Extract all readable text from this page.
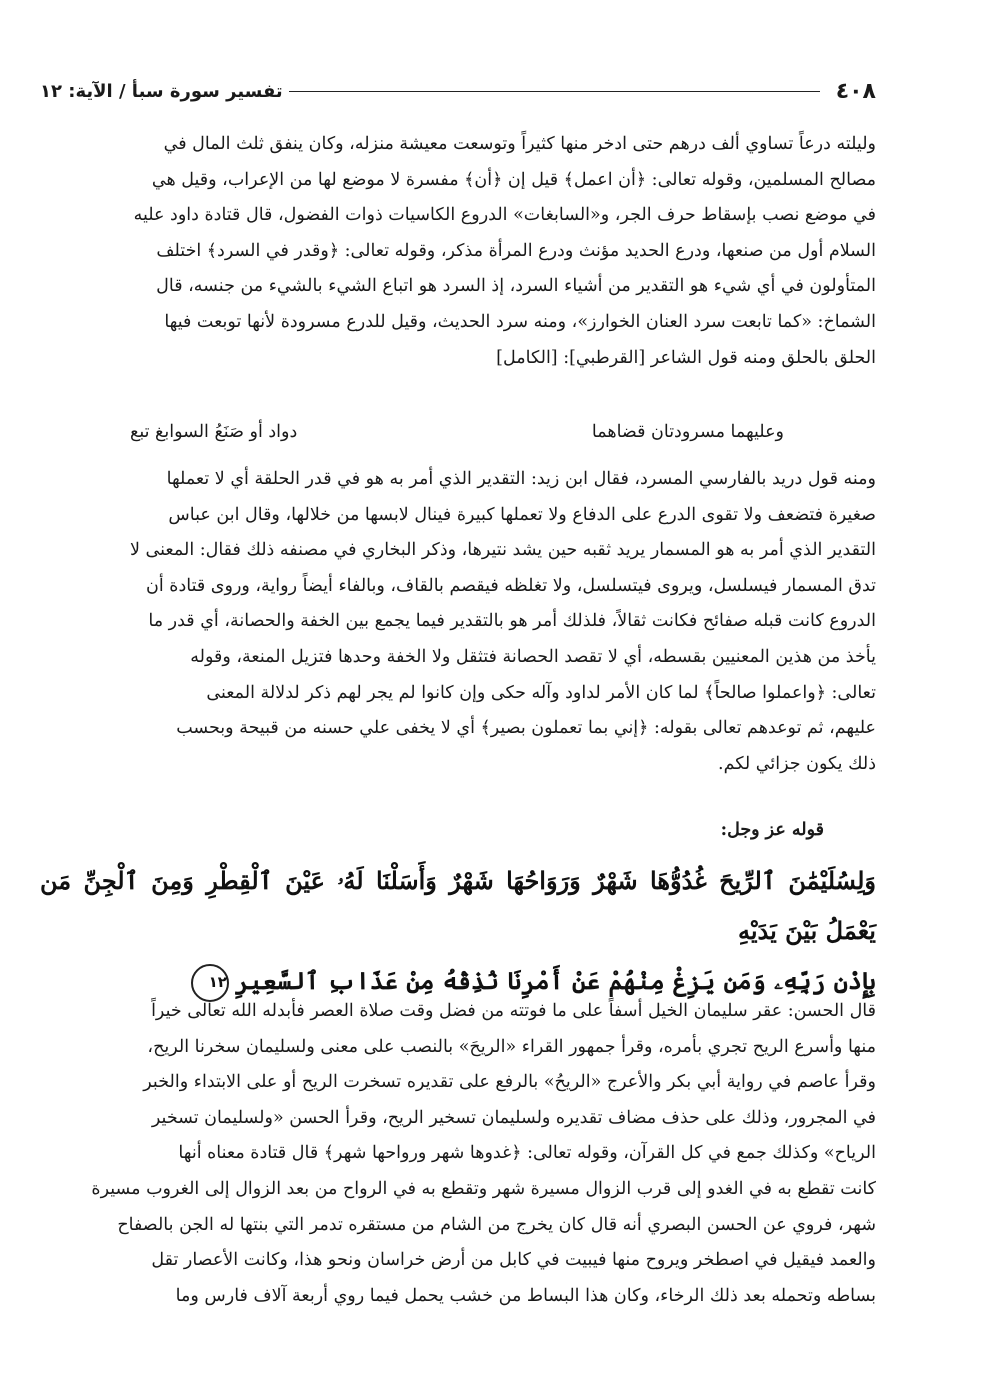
٤٠٨
تفسير سورة سبأ / الآية: ١٢

وليلته درعاً تساوي ألف درهم حتى ادخر منها كثيراً وتوسعت معيشة منزله، وكان ينفق ثلث المال في

مصالح المسلمين، وقوله تعالى: ﴿أن اعمل﴾ قيل إن ﴿أن﴾ مفسرة لا موضع لها من الإعراب، وقيل هي

في موضع نصب بإسقاط حرف الجر، و«السابغات» الدروع الكاسيات ذوات الفضول، قال قتادة داود عليه

السلام أول من صنعها، ودرع الحديد مؤنث ودرع المرأة مذكر، وقوله تعالى: ﴿وقدر في السرد﴾ اختلف

المتأولون في أي شيء هو التقدير من أشياء السرد، إذ السرد هو اتباع الشيء بالشيء من جنسه، قال

الشماخ: «كما تابعت سرد العنان الخوارز»، ومنه سرد الحديث، وقيل للدرع مسرودة لأنها توبعت فيها

الحلق بالحلق ومنه قول الشاعر [القرطبي]: [الكامل]

وعليهما مسرودتان قضاهما
دواد أو صَنَعُ السوابغ تبع

ومنه قول دريد بالفارسي المسرد، فقال ابن زيد: التقدير الذي أمر به هو في قدر الحلقة أي لا تعملها

صغيرة فتضعف ولا تقوى الدرع على الدفاع ولا تعملها كبيرة فينال لابسها من خلالها، وقال ابن عباس

التقدير الذي أمر به هو المسمار يريد ثقبه حين يشد نتيرها، وذكر البخاري في مصنفه ذلك فقال: المعنى لا

تدق المسمار فيسلسل، ويروى فيتسلسل، ولا تغلظه فيقصم بالقاف، وبالفاء أيضاً رواية، وروى قتادة أن

الدروع كانت قبله صفائح فكانت ثقالاً، فلذلك أمر هو بالتقدير فيما يجمع بين الخفة والحصانة، أي قدر ما

يأخذ من هذين المعنيين بقسطه، أي لا تقصد الحصانة فتثقل ولا الخفة وحدها فتزيل المنعة، وقوله

تعالى: ﴿واعملوا صالحاً﴾ لما كان الأمر لداود وآله حكى وإن كانوا لم يجر لهم ذكر لدلالة المعنى

عليهم، ثم توعدهم تعالى بقوله: ﴿إني بما تعملون بصير﴾ أي لا يخفى علي حسنه من قبيحة وبحسب

ذلك يكون جزائي لكم.

قوله عز وجل:
وَلِسُلَيْمَٰنَ ٱلرِّيحَ غُدُوُّهَا شَهْرٌ وَرَوَاحُهَا شَهْرٌ وَأَسَلْنَا لَهُۥ عَيْنَ ٱلْقِطْرِ وَمِنَ ٱلْجِنِّ مَن يَعْمَلُ بَيْنَ يَدَيْهِ
بِإِذْنِ رَبِّهِۦ وَمَن يَزِغْ مِنْهُمْ عَنْ أَمْرِنَا نُذِقْهُ مِنْ عَذَابِ ٱلسَّعِيرِ١٢

قال الحسن: عقر سليمان الخيل أسفاً على ما فوتته من فضل وقت صلاة العصر فأبدله الله تعالى خيراً

منها وأسرع الريح تجري بأمره، وقرأ جمهور القراء «الريحَ» بالنصب على معنى ولسليمان سخرنا الريح،

وقرأ عاصم في رواية أبي بكر والأعرج «الريحُ» بالرفع على تقديره تسخرت الريح أو على الابتداء والخبر

في المجرور، وذلك على حذف مضاف تقديره ولسليمان تسخير الريح، وقرأ الحسن «ولسليمان تسخير

الرياح» وكذلك جمع في كل القرآن، وقوله تعالى: ﴿غدوها شهر ورواحها شهر﴾ قال قتادة معناه أنها

كانت تقطع به في الغدو إلى قرب الزوال مسيرة شهر وتقطع به في الرواح من بعد الزوال إلى الغروب مسيرة

شهر، فروي عن الحسن البصري أنه قال كان يخرج من الشام من مستقره تدمر التي بنتها له الجن بالصفاح

والعمد فيقيل في اصطخر ويروح منها فيبيت في كابل من أرض خراسان ونحو هذا، وكانت الأعصار تقل

بساطه وتحمله بعد ذلك الرخاء، وكان هذا البساط من خشب يحمل فيما روي أربعة آلاف فارس وما
